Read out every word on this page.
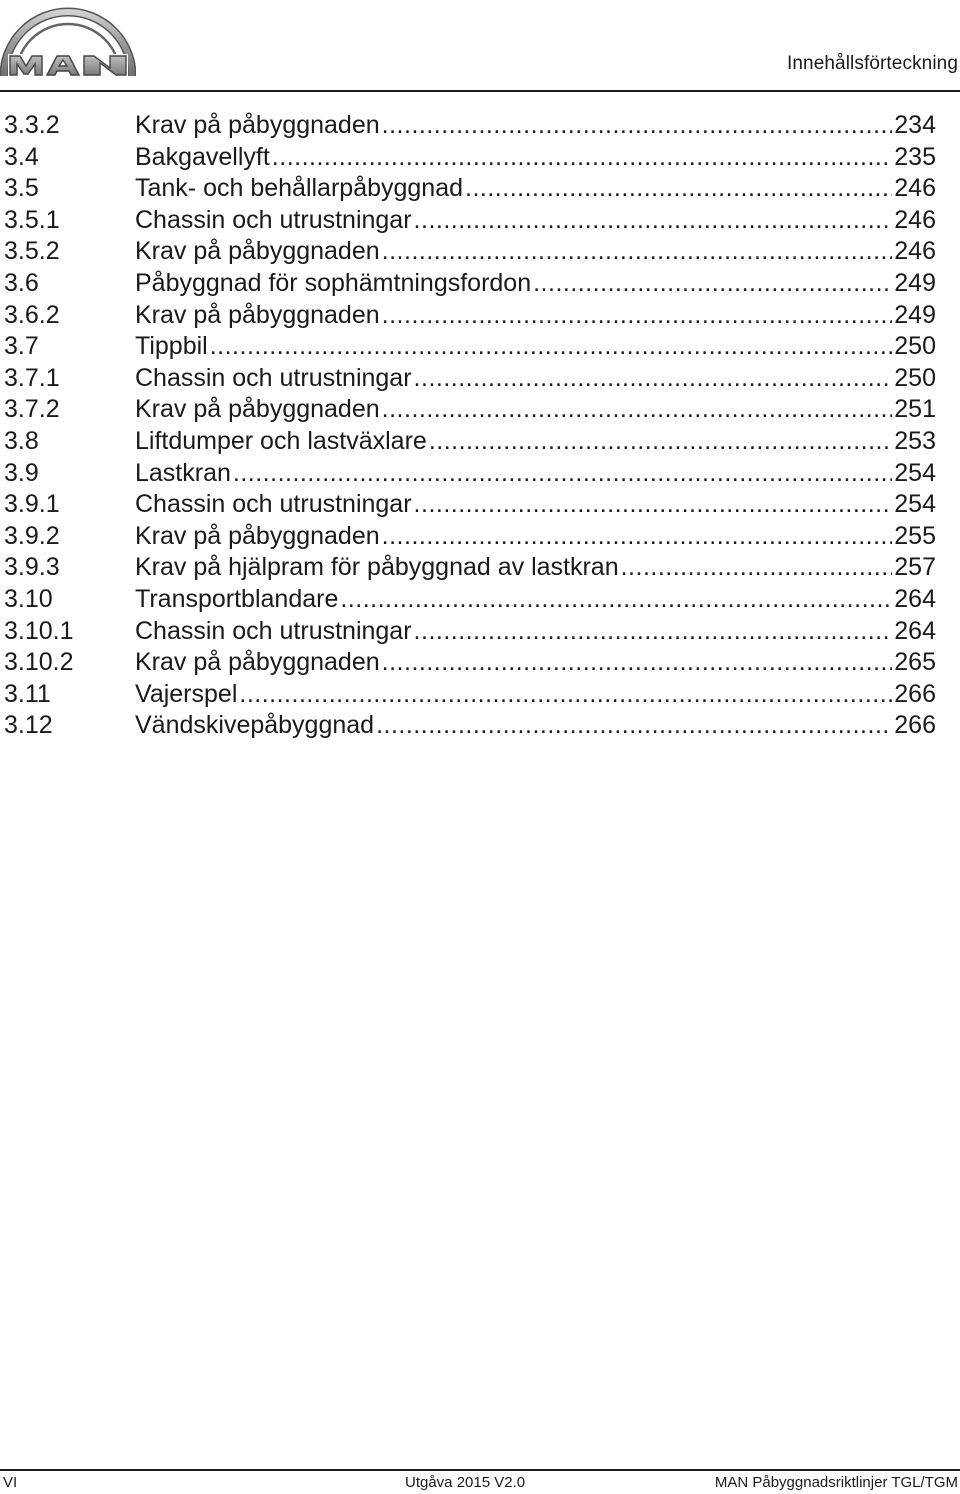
MAN
Innehållsförteckning
3.3.2	Krav på påbyggnaden .....	234
3.4	Bakgavellyft .....	235
3.5	Tank- och behållarpåbyggnad .....	246
3.5.1	Chassin och utrustningar .....	246
3.5.2	Krav på påbyggnaden .....	246
3.6	Påbyggnad för sophämtningsfordon .....	249
3.6.2	Krav på påbyggnaden .....	249
3.7	Tippbil .....	250
3.7.1	Chassin och utrustningar .....	250
3.7.2	Krav på påbyggnaden .....	251
3.8	Liftdumper och lastväxlare .....	253
3.9	Lastkran .....	254
3.9.1	Chassin och utrustningar .....	254
3.9.2	Krav på påbyggnaden .....	255
3.9.3	Krav på hjälpram för påbyggnad av lastkran .....	257
3.10	Transportblandare .....	264
3.10.1	Chassin och utrustningar .....	264
3.10.2	Krav på påbyggnaden .....	265
3.11	Vajerspel .....	266
3.12	Vändskivepåbyggnad .....	266
VI	Utgåva 2015 V2.0	MAN Påbyggnadsriktlinjer TGL/TGM
